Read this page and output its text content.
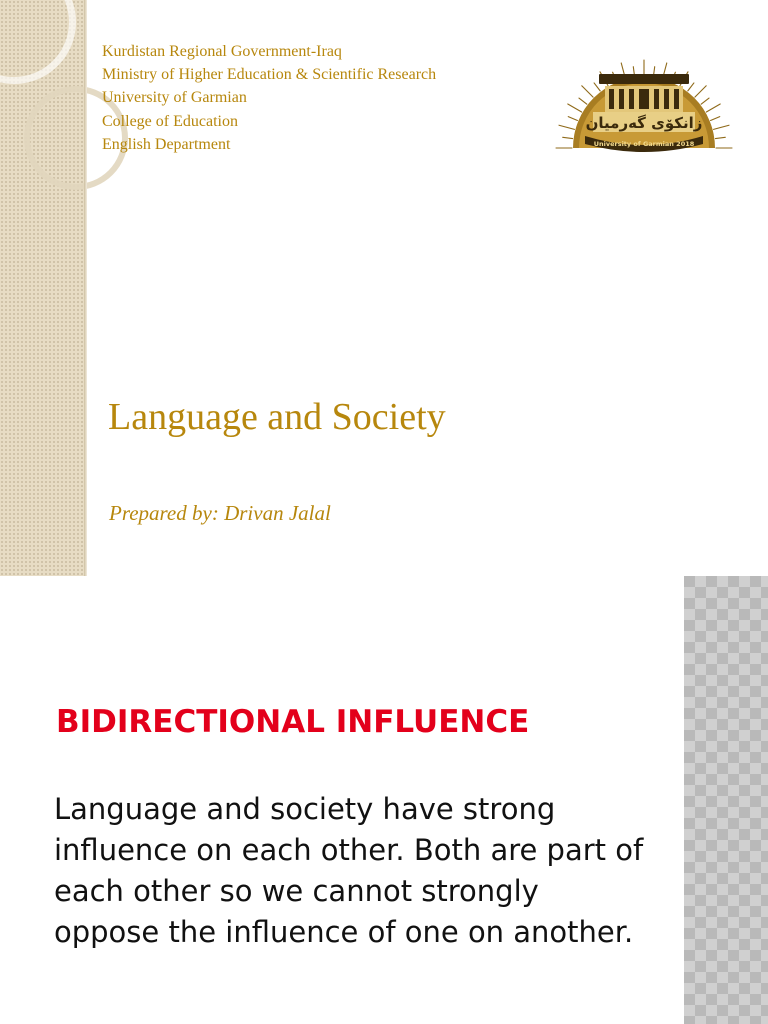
Kurdistan Regional Government-Iraq
Ministry of Higher Education & Scientific Research
University of Garmian
College of Education
English Department
زانكۆى گەرمیان
University of Garmian 2018
Language and Society
Prepared by: Drivan Jalal
BIDIRECTIONAL INFLUENCE
Language and society have strong influence on each other. Both are part of each other so we cannot strongly oppose the influence of one on another.
